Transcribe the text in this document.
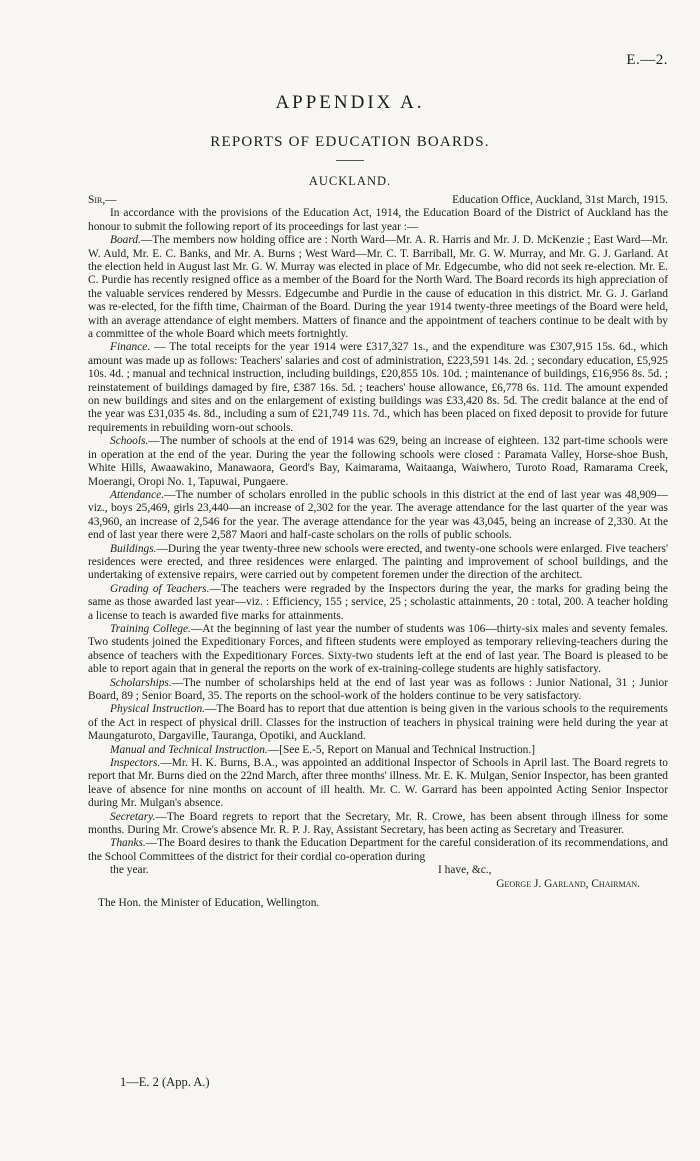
E.—2.
APPENDIX A.
REPORTS OF EDUCATION BOARDS.
AUCKLAND.
Sir,—	Education Office, Auckland, 31st March, 1915.

In accordance with the provisions of the Education Act, 1914, the Education Board of the District of Auckland has the honour to submit the following report of its proceedings for last year :—

Board.—The members now holding office are : North Ward—Mr. A. R. Harris and Mr. J. D. McKenzie ; East Ward—Mr. W. Auld, Mr. E. C. Banks, and Mr. A. Burns ; West Ward—Mr. C. T. Barriball, Mr. G. W. Murray, and Mr. G. J. Garland. At the election held in August last Mr. G. W. Murray was elected in place of Mr. Edgecumbe, who did not seek re-election. Mr. E. C. Purdie has recently resigned office as a member of the Board for the North Ward. The Board records its high appreciation of the valuable services rendered by Messrs. Edgecumbe and Purdie in the cause of education in this district. Mr. G. J. Garland was re-elected, for the fifth time, Chairman of the Board. During the year 1914 twenty-three meetings of the Board were held, with an average attendance of eight members. Matters of finance and the appointment of teachers continue to be dealt with by a committee of the whole Board which meets fortnightly.

Finance. — The total receipts for the year 1914 were £317,327 1s., and the expenditure was £307,915 15s. 6d., which amount was made up as follows: Teachers' salaries and cost of administration, £223,591 14s. 2d. ; secondary education, £5,925 10s. 4d. ; manual and technical instruction, including buildings, £20,855 10s. 10d. ; maintenance of buildings, £16,956 8s. 5d. ; reinstatement of buildings damaged by fire, £387 16s. 5d. ; teachers' house allowance, £6,778 6s. 11d. The amount expended on new buildings and sites and on the enlargement of existing buildings was £33,420 8s. 5d. The credit balance at the end of the year was £31,035 4s. 8d., including a sum of £21,749 11s. 7d., which has been placed on fixed deposit to provide for future requirements in rebuilding worn-out schools.

Schools.—The number of schools at the end of 1914 was 629, being an increase of eighteen. 132 part-time schools were in operation at the end of the year. During the year the following schools were closed : Paramata Valley, Horse-shoe Bush, White Hills, Awaawakino, Manawaora, Geord's Bay, Kaimarama, Waitaanga, Waiwhero, Turoto Road, Ramarama Creek, Moerangi, Oropi No. 1, Tapuwai, Pungaere.

Attendance.—The number of scholars enrolled in the public schools in this district at the end of last year was 48,909—viz., boys 25,469, girls 23,440—an increase of 2,302 for the year. The average attendance for the last quarter of the year was 43,960, an increase of 2,546 for the year. The average attendance for the year was 43,045, being an increase of 2,330. At the end of last year there were 2,587 Maori and half-caste scholars on the rolls of public schools.

Buildings.—During the year twenty-three new schools were erected, and twenty-one schools were enlarged. Five teachers' residences were erected, and three residences were enlarged. The painting and improvement of school buildings, and the undertaking of extensive repairs, were carried out by competent foremen under the direction of the architect.

Grading of Teachers.—The teachers were regraded by the Inspectors during the year, the marks for grading being the same as those awarded last year—viz. : Efficiency, 155 ; service, 25 ; scholastic attainments, 20 : total, 200. A teacher holding a license to teach is awarded five marks for attainments.

Training College.—At the beginning of last year the number of students was 106—thirty-six males and seventy females. Two students joined the Expeditionary Forces, and fifteen students were employed as temporary relieving-teachers during the absence of teachers with the Expeditionary Forces. Sixty-two students left at the end of last year. The Board is pleased to be able to report again that in general the reports on the work of ex-training-college students are highly satisfactory.

Scholarships.—The number of scholarships held at the end of last year was as follows : Junior National, 31 ; Junior Board, 89 ; Senior Board, 35. The reports on the school-work of the holders continue to be very satisfactory.

Physical Instruction.—The Board has to report that due attention is being given in the various schools to the requirements of the Act in respect of physical drill. Classes for the instruction of teachers in physical training were held during the year at Maungaturoto, Dargaville, Tauranga, Opotiki, and Auckland.

Manual and Technical Instruction.—[See E.-5, Report on Manual and Technical Instruction.]

Inspectors.—Mr. H. K. Burns, B.A., was appointed an additional Inspector of Schools in April last. The Board regrets to report that Mr. Burns died on the 22nd March, after three months' illness. Mr. E. K. Mulgan, Senior Inspector, has been granted leave of absence for nine months on account of ill health. Mr. C. W. Garrard has been appointed Acting Senior Inspector during Mr. Mulgan's absence.

Secretary.—The Board regrets to report that the Secretary, Mr. R. Crowe, has been absent through illness for some months. During Mr. Crowe's absence Mr. R. P. J. Ray, Assistant Secretary, has been acting as Secretary and Treasurer.

Thanks.—The Board desires to thank the Education Department for the careful consideration of its recommendations, and the School Committees of the district for their cordial co-operation during

the year.	I have, &c.,
George J. Garland, Chairman.
The Hon. the Minister of Education, Wellington.
1—E. 2 (App. A.)
